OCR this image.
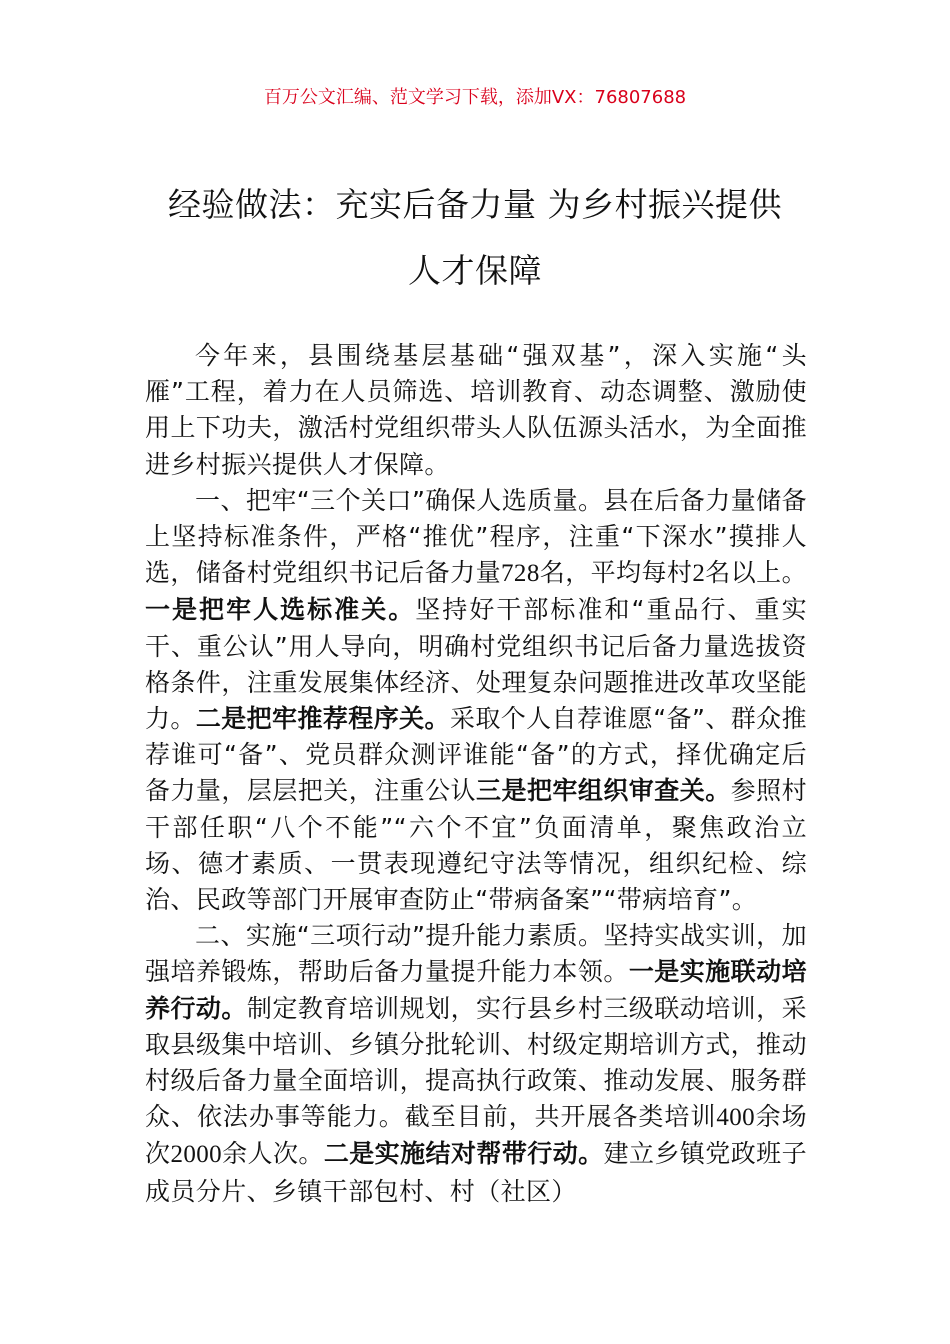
百万公文汇编、范文学习下载，添加VX：76807688
经验做法：充实后备力量 为乡村振兴提供
人才保障

今年来，县围绕基层基础“强双基”，深入实施“头雁”工程，着力在人员筛选、培训教育、动态调整、激励使用上下功夫，激活村党组织带头人队伍源头活水，为全面推进乡村振兴提供人才保障。

一、把牢“三个关口”确保人选质量。县在后备力量储备上坚持标准条件，严格“推优”程序，注重“下深水”摸排人选，储备村党组织书记后备力量728名，平均每村2名以上。一是把牢人选标准关。坚持好干部标准和“重品行、重实干、重公认”用人导向，明确村党组织书记后备力量选拔资格条件，注重发展集体经济、处理复杂问题推进改革攻坚能力。二是把牢推荐程序关。采取个人自荐谁愿“备”、群众推荐谁可“备”、党员群众测评谁能“备”的方式，择优确定后备力量，层层把关，注重公认三是把牢组织审查关。参照村干部任职“八个不能”“六个不宜”负面清单，聚焦政治立场、德才素质、一贯表现遵纪守法等情况，组织纪检、综治、民政等部门开展审查防止“带病备案”“带病培育”。

二、实施“三项行动”提升能力素质。坚持实战实训，加强培养锻炼，帮助后备力量提升能力本领。一是实施联动培养行动。制定教育培训规划，实行县乡村三级联动培训，采取县级集中培训、乡镇分批轮训、村级定期培训方式，推动村级后备力量全面培训，提高执行政策、推动发展、服务群众、依法办事等能力。截至目前，共开展各类培训400余场次2000余人次。二是实施结对帮带行动。建立乡镇党政班子成员分片、乡镇干部包村、村（社区）
